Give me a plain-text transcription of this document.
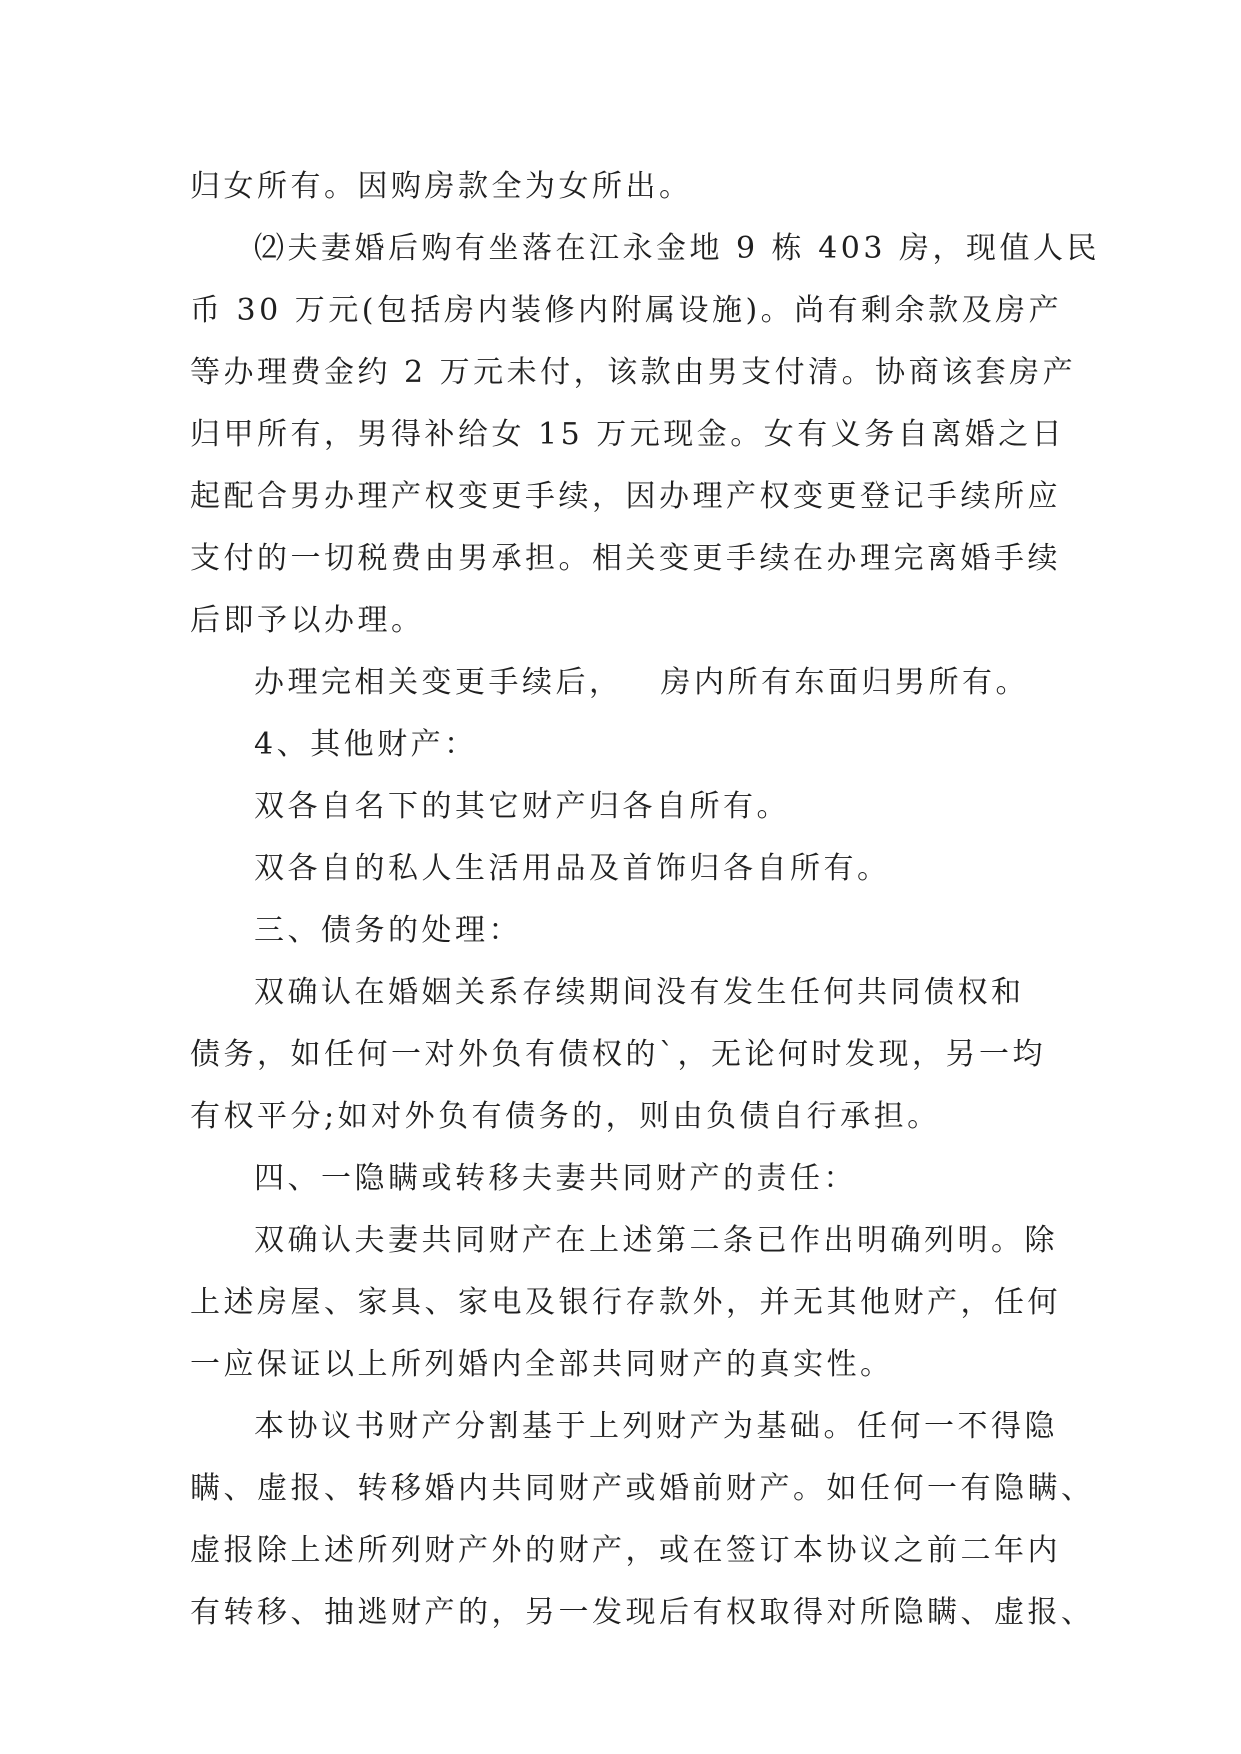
归女所有。因购房款全为女所出。
⑵夫妻婚后购有坐落在江永金地 9 栋 403 房，现值人民
币 30 万元(包括房内装修内附属设施)。尚有剩余款及房产
等办理费金约 2 万元未付，该款由男支付清。协商该套房产
归甲所有，男得补给女 15 万元现金。女有义务自离婚之日
起配合男办理产权变更手续，因办理产权变更登记手续所应
支付的一切税费由男承担。相关变更手续在办理完离婚手续
后即予以办理。
办理完相关变更手续后， 房内所有东面归男所有。
4、其他财产：
双各自名下的其它财产归各自所有。
双各自的私人生活用品及首饰归各自所有。
三、债务的处理：
双确认在婚姻关系存续期间没有发生任何共同债权和
债务，如任何一对外负有债权的`，无论何时发现，另一均
有权平分;如对外负有债务的，则由负债自行承担。
四、一隐瞒或转移夫妻共同财产的责任：
双确认夫妻共同财产在上述第二条已作出明确列明。除
上述房屋、家具、家电及银行存款外，并无其他财产，任何
一应保证以上所列婚内全部共同财产的真实性。
本协议书财产分割基于上列财产为基础。任何一不得隐
瞒、虚报、转移婚内共同财产或婚前财产。如任何一有隐瞒、
虚报除上述所列财产外的财产，或在签订本协议之前二年内
有转移、抽逃财产的，另一发现后有权取得对所隐瞒、虚报、
